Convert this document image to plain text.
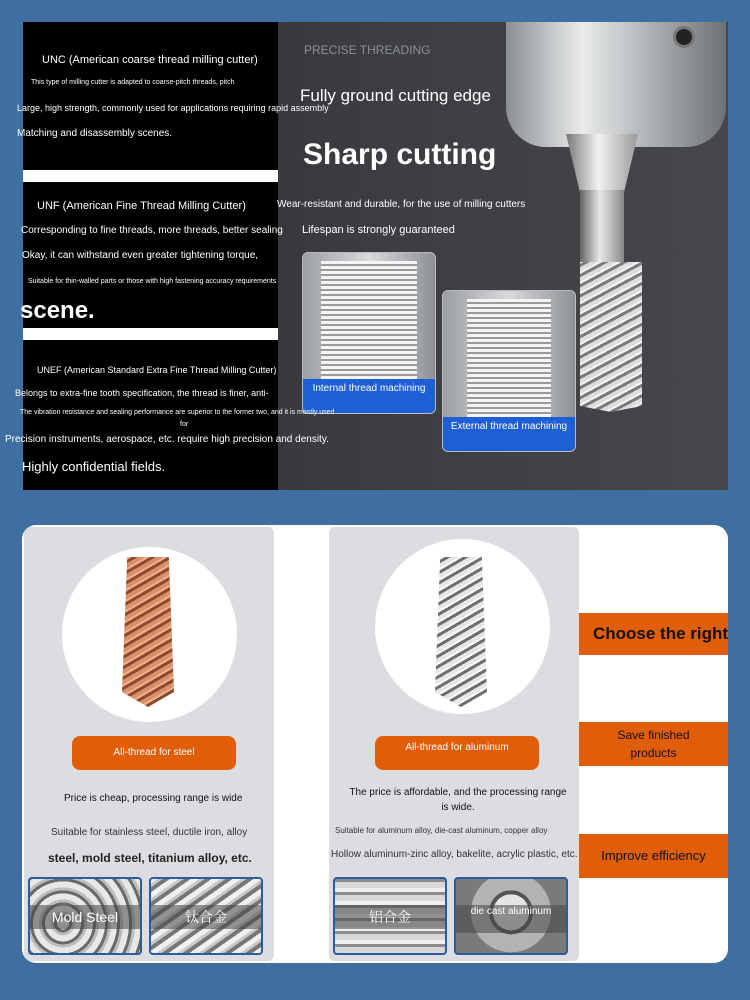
Internal thread machining
External thread machining
UNC (American coarse thread milling cutter)
This type of milling cutter is adapted to coarse-pitch threads, pitch
Large, high strength, commonly used for applications requiring rapid assembly
Matching and disassembly scenes.
UNF (American Fine Thread Milling Cutter)
Corresponding to fine threads, more threads, better sealing
Okay, it can withstand even greater tightening torque,
Suitable for thin-walled parts or those with high fastening accuracy requirements
scene.
UNEF (American Standard Extra Fine Thread Milling Cutter)
Belongs to extra-fine tooth specification, the thread is finer, anti-
The vibration resistance and sealing performance are superior to the former two, and it is mostly used
for
Precision instruments, aerospace, etc. require high precision and density.
Highly confidential fields.
PRECISE THREADING
Fully ground cutting edge
Sharp cutting
Wear-resistant and durable, for the use of milling cutters
Lifespan is strongly guaranteed
All-thread for steel
Price is cheap, processing range is wide
Suitable for stainless steel, ductile iron, alloy
steel, mold steel, titanium alloy, etc.
Mold Steel	钛合金
All-thread for aluminum
The price is affordable, and the processing range is wide.
Suitable for aluminum alloy, die-cast aluminum, copper alloy
Hollow aluminum-zinc alloy, bakelite, acrylic plastic, etc.
铝合金	die cast aluminum
Choose the right
Save finished products
Improve efficiency
